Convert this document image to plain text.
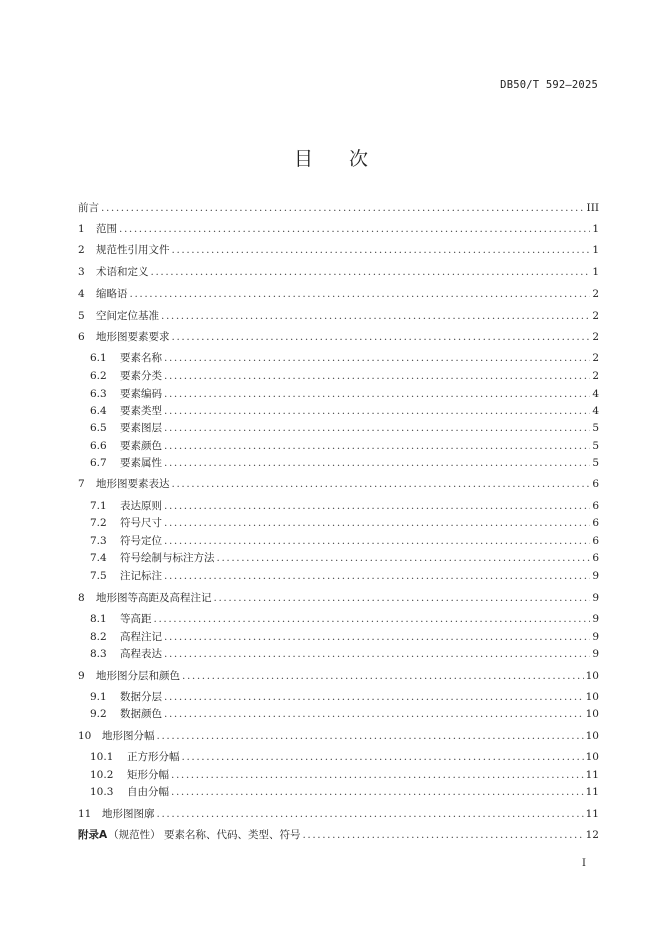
DB50/T 592—2025
目 次
前言 .....	III
1	范围 .....	1
2	规范性引用文件 .....	1
3	术语和定义 .....	1
4	缩略语 .....	2
5	空间定位基准 .....	2
6	地形图要素要求 .....	2
6.1	要素名称 .....	2
6.2	要素分类 .....	2
6.3	要素编码 .....	4
6.4	要素类型 .....	4
6.5	要素图层 .....	5
6.6	要素颜色 .....	5
6.7	要素属性 .....	5
7	地形图要素表达 .....	6
7.1	表达原则 .....	6
7.2	符号尺寸 .....	6
7.3	符号定位 .....	6
7.4	符号绘制与标注方法 .....	6
7.5	注记标注 .....	9
8	地形图等高距及高程注记 .....	9
8.1	等高距 .....	9
8.2	高程注记 .....	9
8.3	高程表达 .....	9
9	地形图分层和颜色 .....	10
9.1	数据分层 .....	10
9.2	数据颜色 .....	10
10	地形图分幅 .....	10
10.1	正方形分幅 .....	10
10.2	矩形分幅 .....	11
10.3	自由分幅 .....	11
11	地形图图廓 .....	11
附录A （规范性） 要素名称、代码、类型、符号 .....	12
I
